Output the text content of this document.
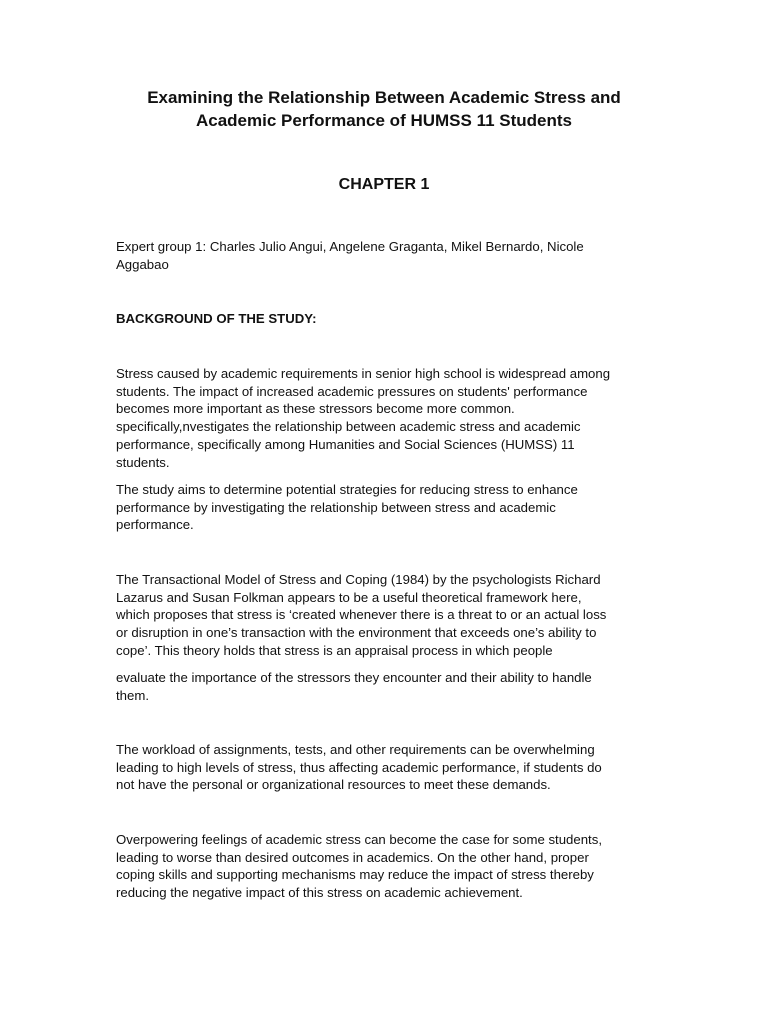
Examining the Relationship Between Academic Stress and
Academic Performance of HUMSS 11 Students
CHAPTER 1

Expert group 1: Charles Julio Angui, Angelene Graganta, Mikel Bernardo, Nicole
Aggabao

BACKGROUND OF THE STUDY:

Stress caused by academic requirements in senior high school is widespread among
students. The impact of increased academic pressures on students' performance
becomes more important as these stressors become more common.
specifically,nvestigates the relationship between academic stress and academic
performance, specifically among Humanities and Social Sciences (HUMSS) 11
students.

The study aims to determine potential strategies for reducing stress to enhance
performance by investigating the relationship between stress and academic
performance.

The Transactional Model of Stress and Coping (1984) by the psychologists Richard
Lazarus and Susan Folkman appears to be a useful theoretical framework here,
which proposes that stress is ‘created whenever there is a threat to or an actual loss
or disruption in one’s transaction with the environment that exceeds one’s ability to
cope’. This theory holds that stress is an appraisal process in which people

evaluate the importance of the stressors they encounter and their ability to handle
them.

The workload of assignments, tests, and other requirements can be overwhelming
leading to high levels of stress, thus affecting academic performance, if students do
not have the personal or organizational resources to meet these demands.

Overpowering feelings of academic stress can become the case for some students,
leading to worse than desired outcomes in academics. On the other hand, proper
coping skills and supporting mechanisms may reduce the impact of stress thereby
reducing the negative impact of this stress on academic achievement.
